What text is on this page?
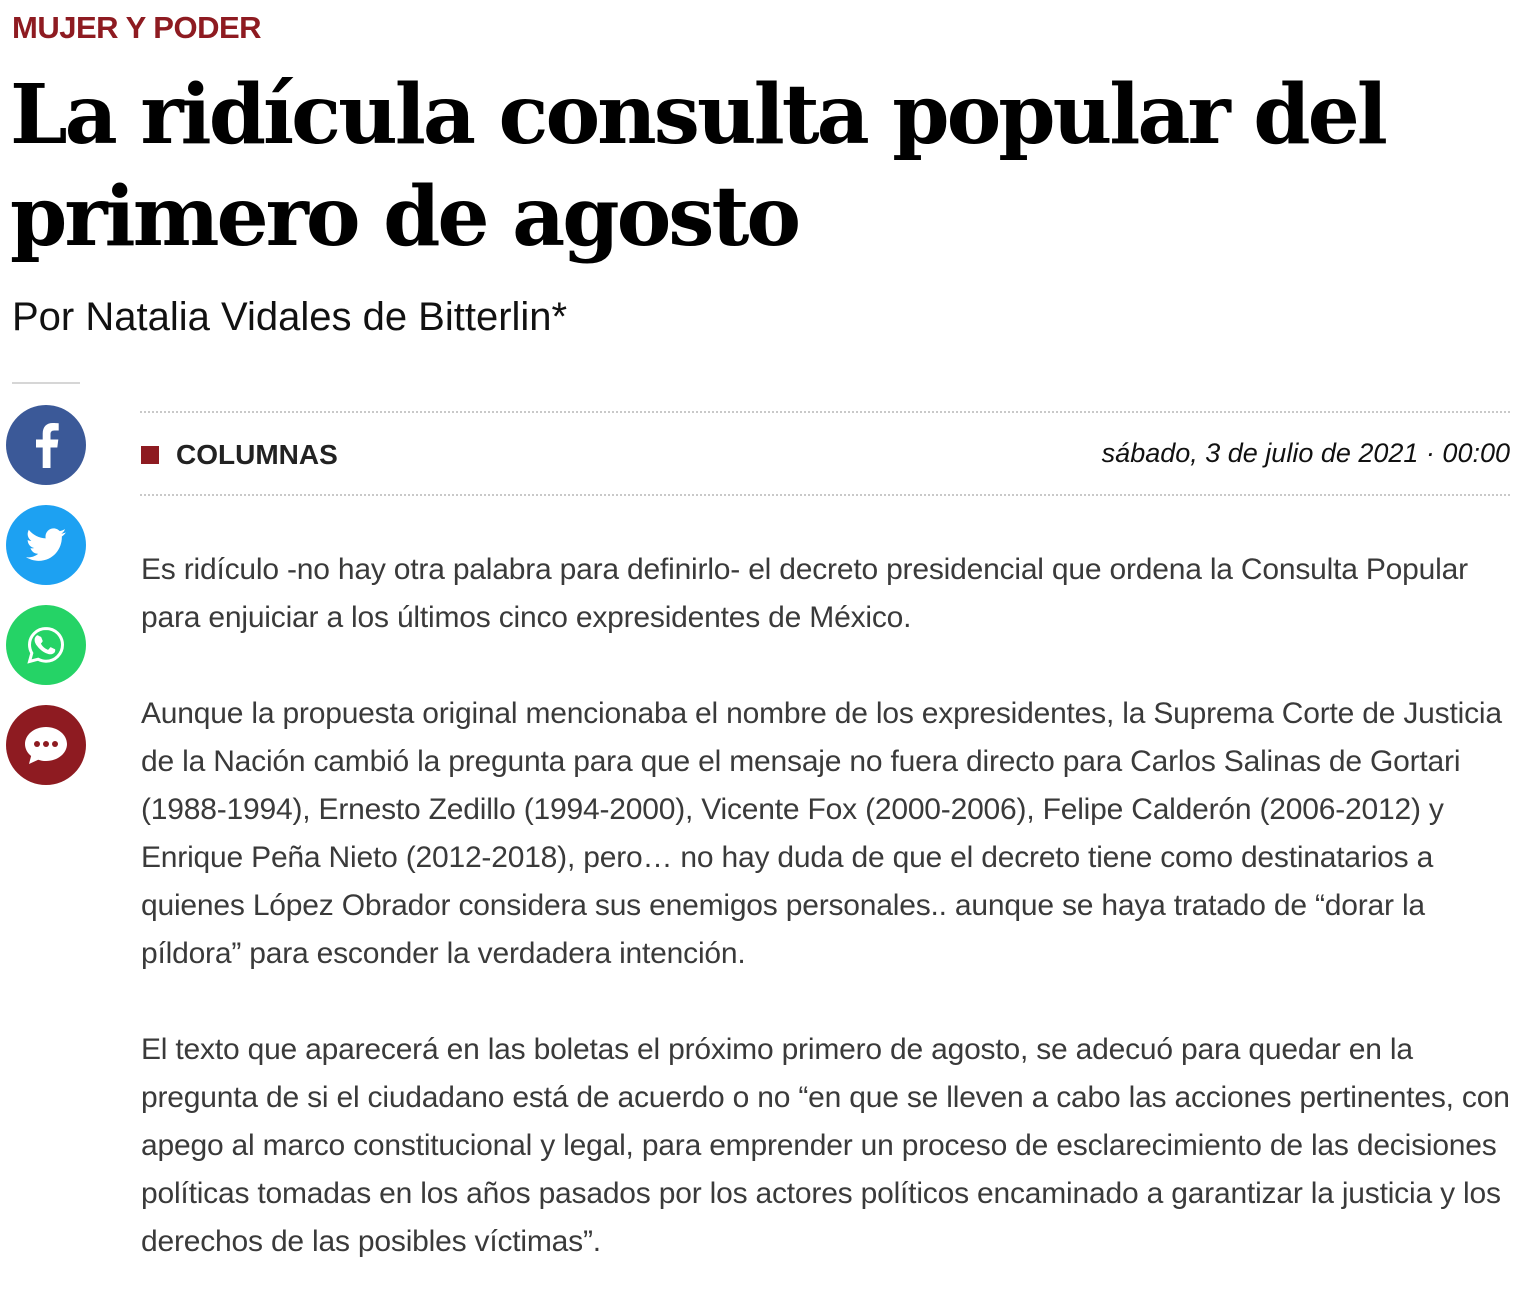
MUJER Y PODER
La ridícula consulta popular del primero de agosto
Por Natalia Vidales de Bitterlin*
COLUMNAS	sábado, 3 de julio de 2021 · 00:00

Es ridículo -no hay otra palabra para definirlo- el decreto presidencial que ordena la Consulta Popular para enjuiciar a los últimos cinco expresidentes de México.

Aunque la propuesta original mencionaba el nombre de los expresidentes, la Suprema Corte de Justicia de la Nación cambió la pregunta para que el mensaje no fuera directo para Carlos Salinas de Gortari (1988-1994), Ernesto Zedillo (1994-2000), Vicente Fox (2000-2006), Felipe Calderón (2006-2012) y Enrique Peña Nieto (2012-2018), pero… no hay duda de que el decreto tiene como destinatarios a quienes López Obrador considera sus enemigos personales.. aunque se haya tratado de “dorar la píldora” para esconder la verdadera intención.

El texto que aparecerá en las boletas el próximo primero de agosto, se adecuó para quedar en la pregunta de si el ciudadano está de acuerdo o no “en que se lleven a cabo las acciones pertinentes, con apego al marco constitucional y legal, para emprender un proceso de esclarecimiento de las decisiones políticas tomadas en los años pasados por los actores políticos encaminado a garantizar la justicia y los derechos de las posibles víctimas”.
